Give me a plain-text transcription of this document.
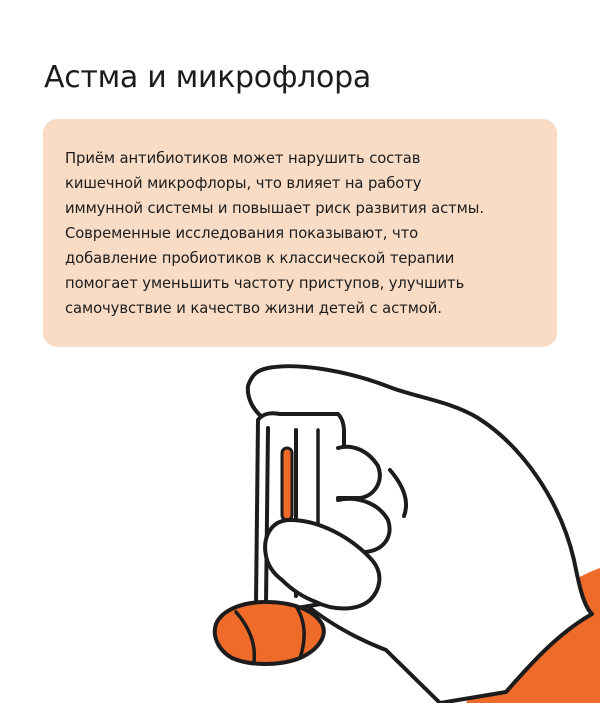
Астма и микрофлора
Приём антибиотиков может нарушить состав
кишечной микрофлоры, что влияет на работу
иммунной системы и повышает риск развития астмы.
Современные исследования показывают, что
добавление пробиотиков к классической терапии
помогает уменьшить частоту приступов, улучшить
самочувствие и качество жизни детей с астмой.
